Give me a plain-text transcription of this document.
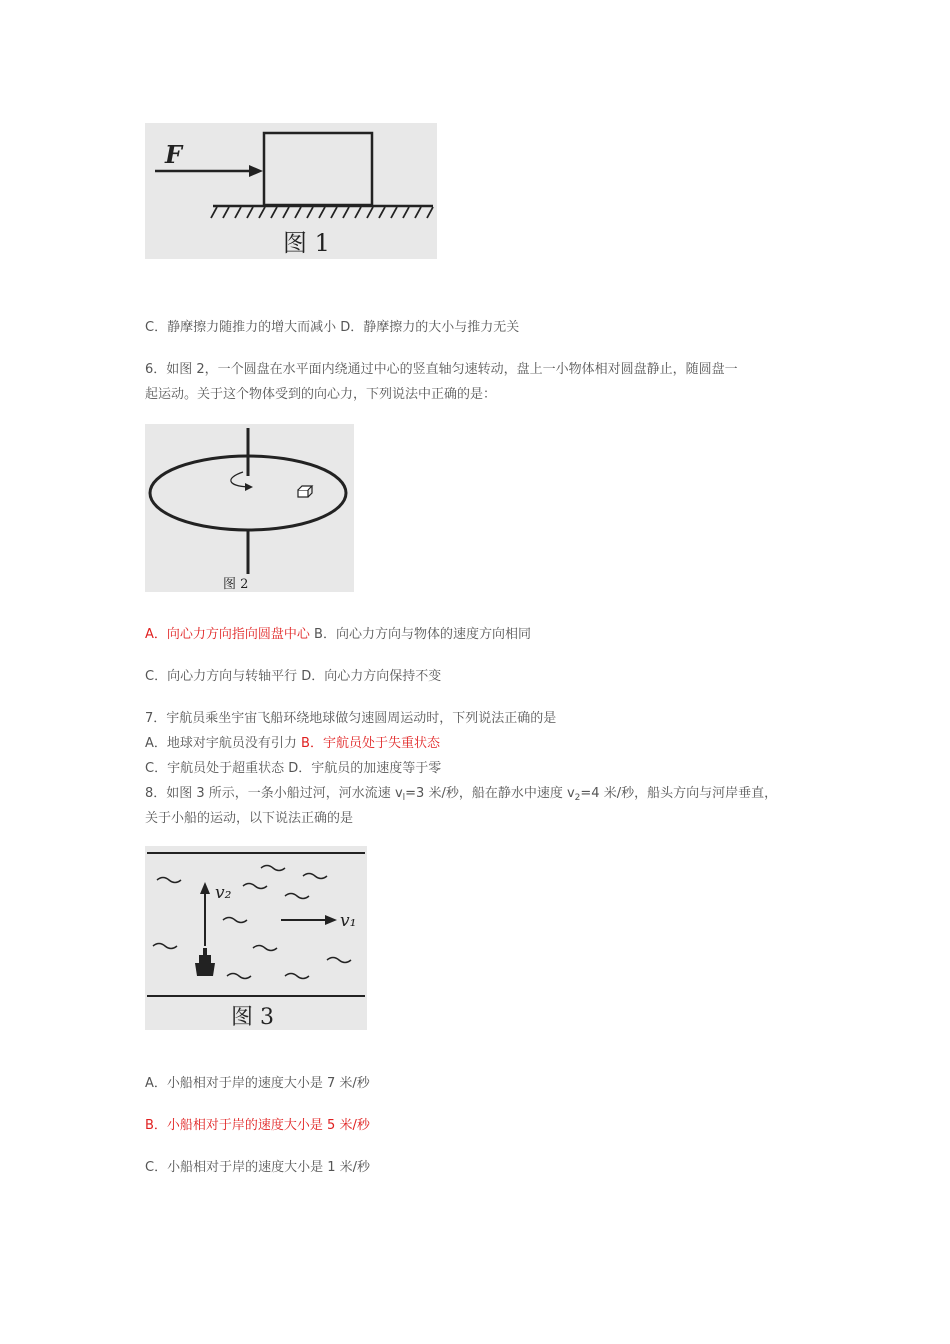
F
图 1
C．静摩擦力随推力的增大而减小 D．静摩擦力的大小与推力无关
6．如图 2，一个圆盘在水平面内绕通过中心的竖直轴匀速转动，盘上一小物体相对圆盘静止，随圆盘一
起运动。关于这个物体受到的向心力，下列说法中正确的是：
图 2
A．向心力方向指向圆盘中心 B．向心力方向与物体的速度方向相同
C．向心力方向与转轴平行 D．向心力方向保持不变
7．宇航员乘坐宇宙飞船环绕地球做匀速圆周运动时，下列说法正确的是
A．地球对宇航员没有引力 B．宇航员处于失重状态
C．宇航员处于超重状态 D．宇航员的加速度等于零
8．如图 3 所示，一条小船过河，河水流速 $v_l=3$ 米/秒，船在静水中速度 $v_2=4$ 米/秒，船头方向与河岸垂直，
关于小船的运动，以下说法正确的是
v₂
v₁
图 3
A．小船相对于岸的速度大小是 7 米/秒
B．小船相对于岸的速度大小是 5 米/秒
C．小船相对于岸的速度大小是 1 米/秒
